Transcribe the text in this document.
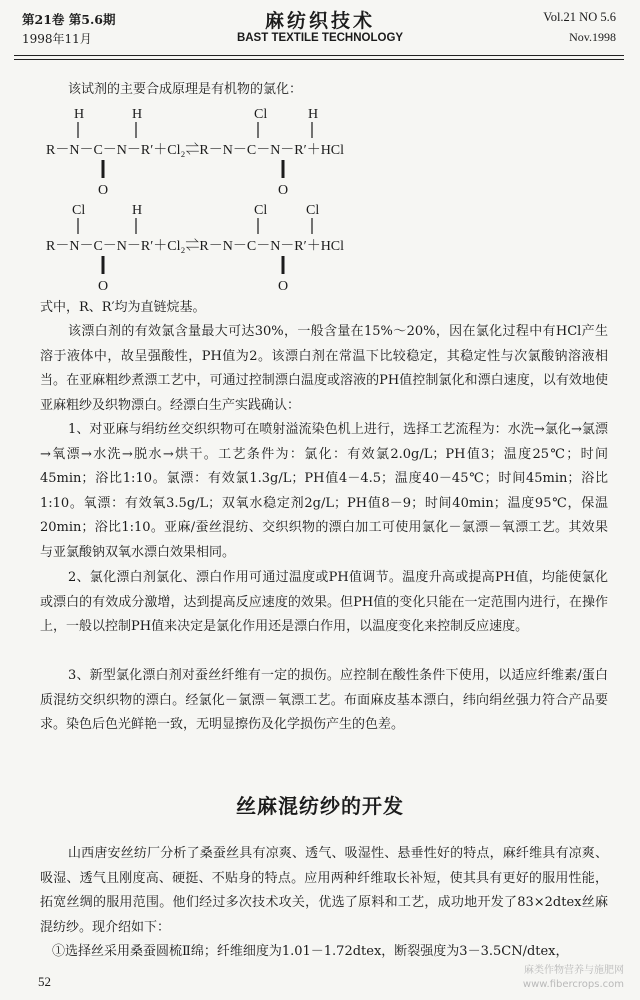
第21卷 第5.6期
1998年11月
麻纺织技术
BAST TEXTILE TECHNOLOGY
Vol.21 NO 5.6
Nov.1998
该试剂的主要合成原理是有机物的氯化：
H	H	Cl	H
R－N－C－N－R′＋Cl₂⇌R－N－C－N－R′＋HCl
O	O
Cl	H	Cl	Cl
R－N－C－N－R′＋Cl₂⇌R－N－C－N－R′＋HCl
O	O
式中，R、R′均为直链烷基。

该漂白剂的有效氯含量最大可达30%，一般含量在15%～20%，因在氯化过程中有HCl产生溶于液体中，故呈强酸性，PH值为2。该漂白剂在常温下比较稳定，其稳定性与次氯酸钠溶液相当。在亚麻粗纱煮漂工艺中，可通过控制漂白温度或溶液的PH值控制氯化和漂白速度，以有效地使亚麻粗纱及织物漂白。经漂白生产实践确认：

1、对亚麻与绢纺丝交织织物可在喷射溢流染色机上进行，选择工艺流程为：水洗→氯化→氯漂→氧漂→水洗→脱水→烘干。工艺条件为：氯化：有效氯2.0g/L；PH值3；温度25℃；时间45min；浴比1:10。氯漂：有效氯1.3g/L；PH值4－4.5；温度40－45℃；时间45min；浴比1:10。氧漂：有效氧3.5g/L；双氧水稳定剂2g/L；PH值8－9；时间40min；温度95℃，保温20min；浴比1:10。亚麻/蚕丝混纺、交织织物的漂白加工可使用氯化－氯漂－氧漂工艺。其效果与亚氯酸钠双氧水漂白效果相同。

2、氯化漂白剂氯化、漂白作用可通过温度或PH值调节。温度升高或提高PH值，均能使氯化或漂白的有效成分激增，达到提高反应速度的效果。但PH值的变化只能在一定范围内进行，在操作上，一般以控制PH值来决定是氯化作用还是漂白作用，以温度变化来控制反应速度。

3、新型氯化漂白剂对蚕丝纤维有一定的损伤。应控制在酸性条件下使用，以适应纤维素/蛋白质混纺交织织物的漂白。经氯化－氯漂－氧漂工艺。布面麻皮基本漂白，纬向绢丝强力符合产品要求。染色后色光鲜艳一致，无明显擦伤及化学损伤产生的色差。

丝麻混纺纱的开发

山西唐安丝纺厂分析了桑蚕丝具有凉爽、透气、吸湿性、悬垂性好的特点，麻纤维具有凉爽、吸湿、透气且刚度高、硬挺、不贴身的特点。应用两种纤维取长补短，使其具有更好的服用性能，拓宽丝绸的服用范围。他们经过多次技术攻关，优选了原料和工艺，成功地开发了83×2dtex丝麻混纺纱。现介绍如下：

①选择丝采用桑蚕圆梳Ⅱ绵；纤维细度为1.01－1.72dtex，断裂强度为3－3.5CN/dtex，

52
麻类作物营养与施肥网
www.fibercrops.com
